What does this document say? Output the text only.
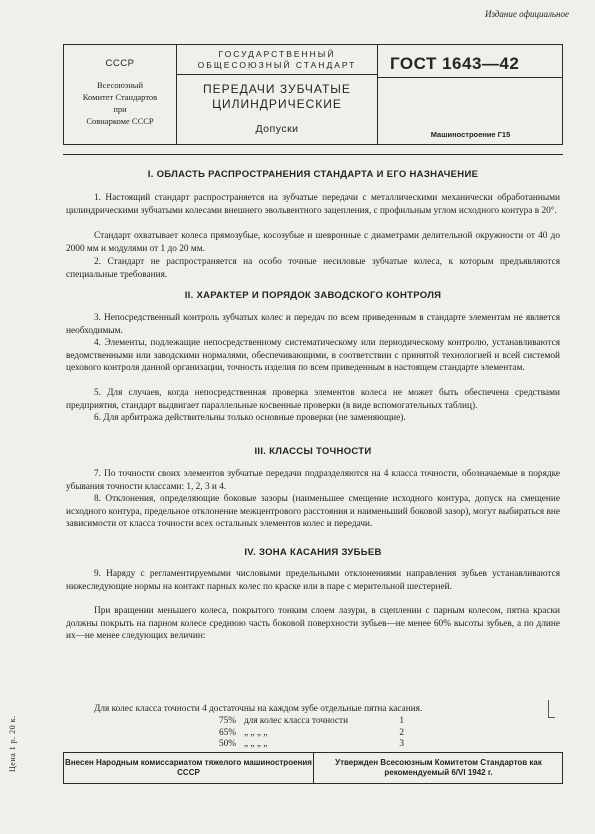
Издание официальное
СССР
Всесоюзный
Комитет Стандартов
при
Совнаркоме СССР
ГОСУДАРСТВЕННЫЙ
ОБЩЕСОЮЗНЫЙ СТАНДАРТ
ПЕРЕДАЧИ ЗУБЧАТЫЕ
ЦИЛИНДРИЧЕСКИЕ
Допуски
ГОСТ 1643—42
Машиностроение Г15
I. ОБЛАСТЬ РАСПРОСТРАНЕНИЯ СТАНДАРТА И ЕГО НАЗНАЧЕНИЕ
1. Настоящий стандарт распространяется на зубчатые передачи с металлическими механически обработанными цилиндрическими зубчатыми колесами внешнего эвольвентного зацепления, с профильным углом исходного контура в 20°.
Стандарт охватывает колеса прямозубые, косозубые и шевронные с диаметрами делительной окружности от 40 до 2000 мм и модулями от 1 до 20 мм.
2. Стандарт не распространяется на особо точные несиловые зубчатые колеса, к которым предъявляются специальные требования.
II. ХАРАКТЕР И ПОРЯДОК ЗАВОДСКОГО КОНТРОЛЯ
3. Непосредственный контроль зубчатых колес и передач по всем приведенным в стандарте элементам не является необходимым.
4. Элементы, подлежащие непосредственному систематическому или периодическому контролю, устанавливаются ведомственными или заводскими нормалями, обеспечивающими, в соответствии с принятой технологией и всей системой цехового контроля данной организации, точность изделия по всем приведенным в настоящем стандарте элементам.
5. Для случаев, когда непосредственная проверка элементов колеса не может быть обеспечена средствами предприятия, стандарт выдвигает параллельные косвенные проверки (в виде вспомогательных таблиц).
6. Для арбитража действительны только основные проверки (не заменяющие).
III. КЛАССЫ ТОЧНОСТИ
7. По точности своих элементов зубчатые передачи подразделяются на 4 класса точности, обозначаемые в порядке убывания точности классами: 1, 2, 3 и 4.
8. Отклонения, определяющие боковые зазоры (наименьшее смещение исходного контура, допуск на смещение исходного контура, предельное отклонение межцентрового расстояния и наименьший боковой зазор), могут выбираться вне зависимости от класса точности всех остальных элементов колес и передачи.
IV. ЗОНА КАСАНИЯ ЗУБЬЕВ
9. Наряду с регламентируемыми числовыми предельными отклонениями направления зубьев устанавливаются нижеследующие нормы на контакт парных колес по краске или в паре с мерительной шестерней.
При вращении меньшего колеса, покрытого тонким слоем лазури, в сцеплении с парным колесом, пятна краски должны покрыть на парном колесе среднюю часть боковой поверхности зубьев—не менее 60% высоты зубьев, а по длине их—не менее следующих величин:
75% для колес класса точности	1
65% „ „ „ „	2
50% „ „ „ „	3
Для колес класса точности 4 достаточны на каждом зубе отдельные пятна касания.
Внесен Народным комиссариатом тяжелого машиностроения СССР
Утвержден Всесоюзным Комитетом Стандартов как рекомендуемый 6/VI 1942 г.
Цена 1 р. 20 к.
